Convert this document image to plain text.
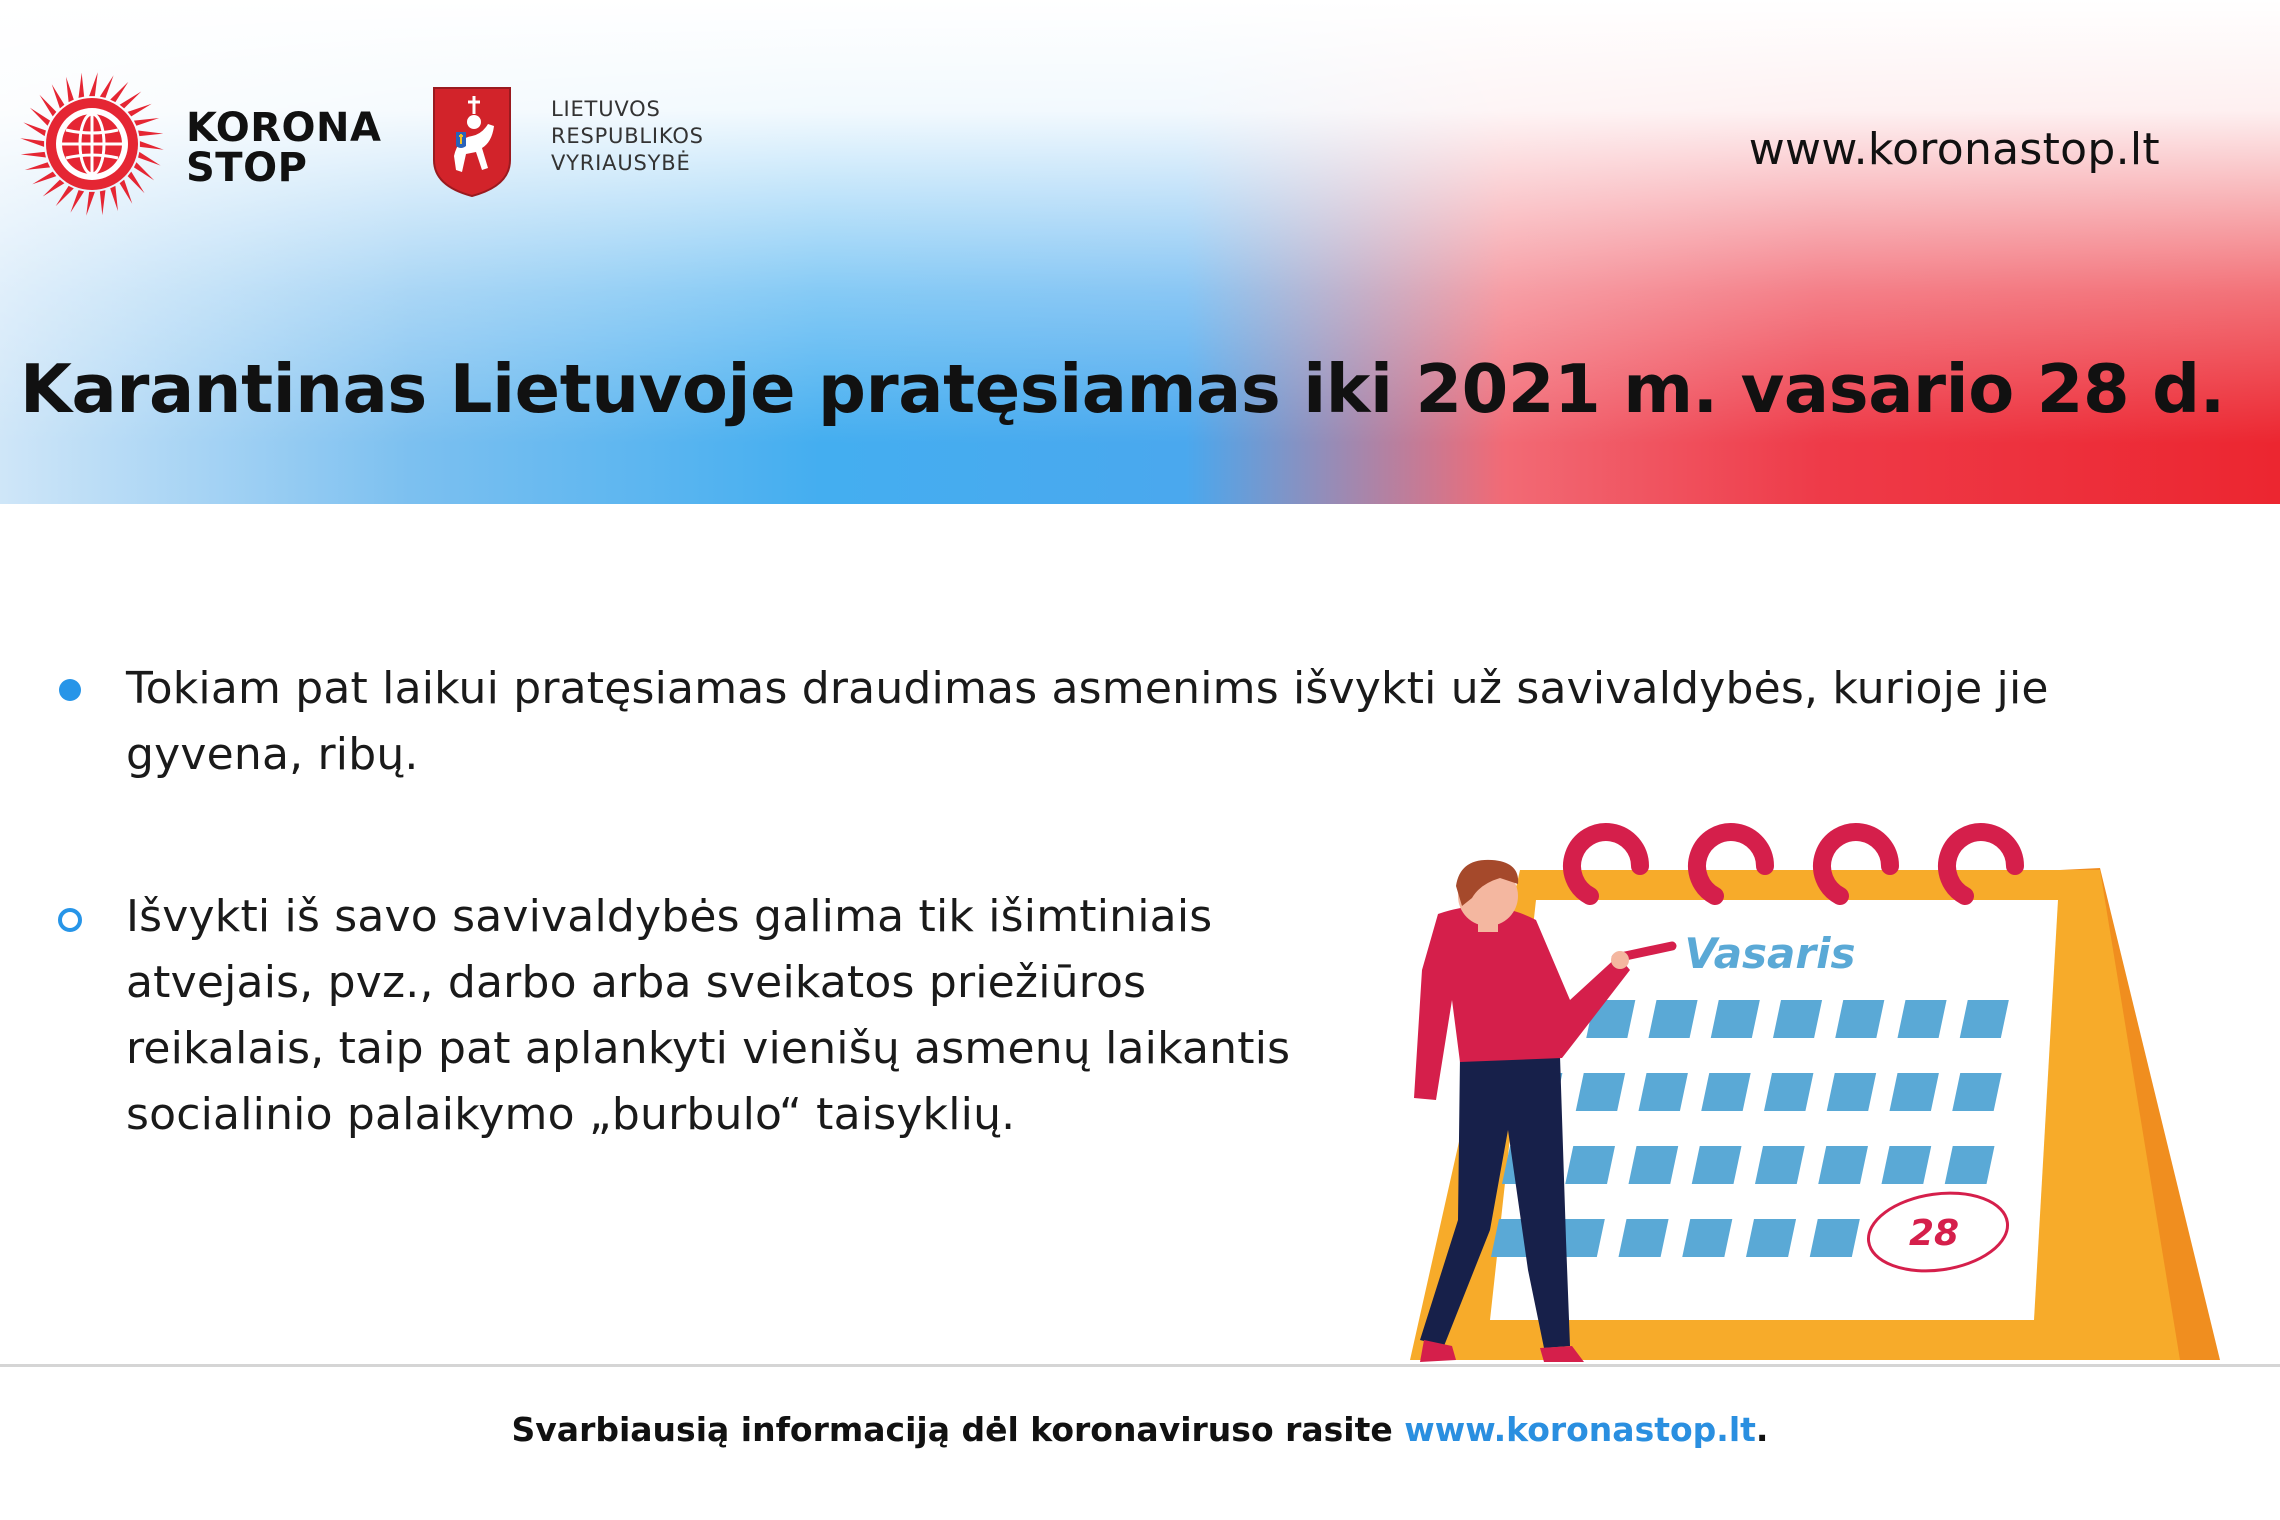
KORONA
STOP
LIETUVOS
RESPUBLIKOS
VYRIAUSYBĖ	www.koronastop.lt
Karantinas Lietuvoje pratęsiamas iki 2021 m. vasario 28 d.
Tokiam pat laikui pratęsiamas draudimas asmenims išvykti už savivaldybės, kurioje jie gyvena, ribų.
Išvykti iš savo savivaldybės galima tik išimtiniais atvejais, pvz., darbo arba sveikatos priežiūros reikalais, taip pat aplankyti vienišų asmenų laikantis socialinio palaikymo „burbulo“ taisyklių.
Vasaris
28
Svarbiausią informaciją dėl koronaviruso rasite www.koronastop.lt.
